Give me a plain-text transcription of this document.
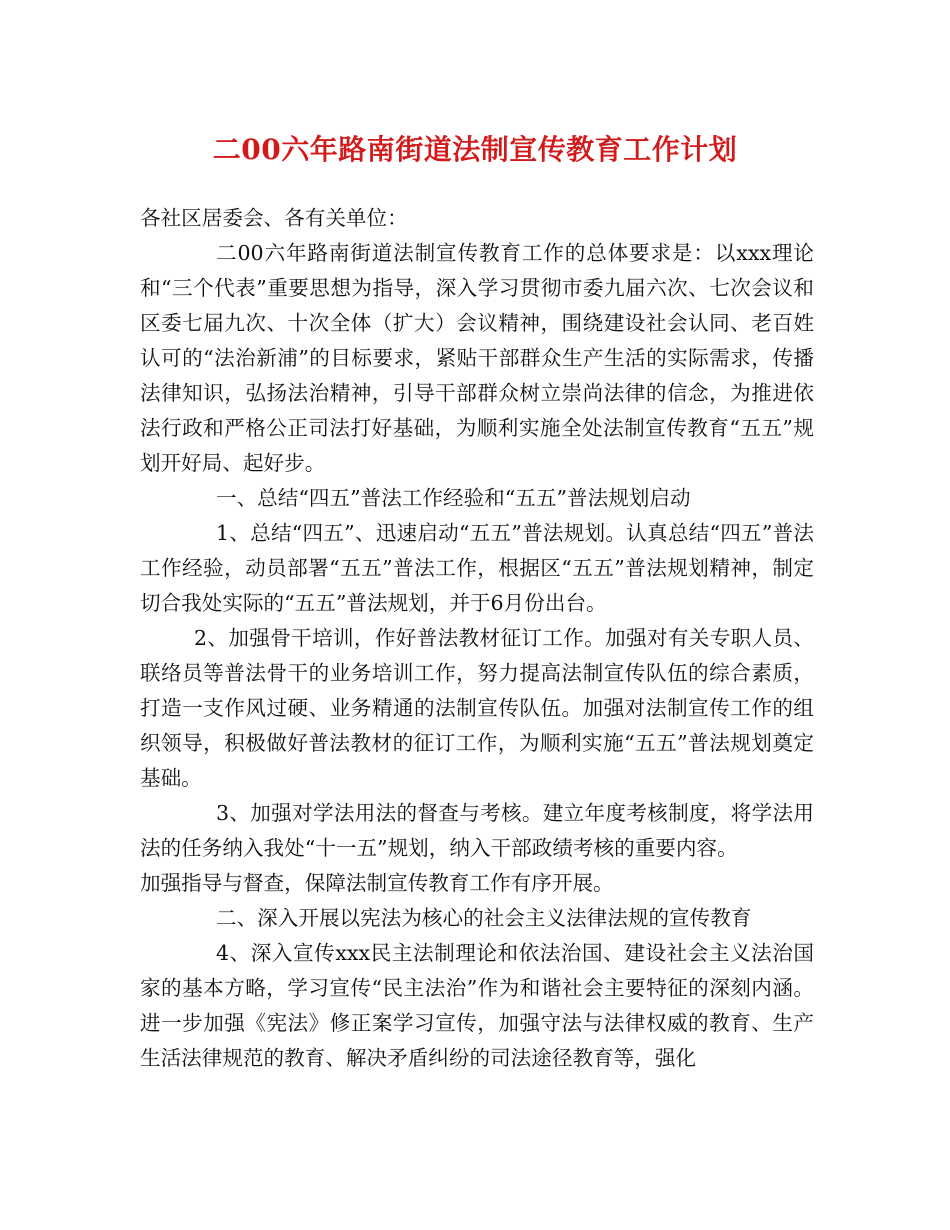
二00六年路南街道法制宣传教育工作计划

各社区居委会、各有关单位：

二00六年路南街道法制宣传教育工作的总体要求是：以xxx理论和“三个代表”重要思想为指导，深入学习贯彻市委九届六次、七次会议和区委七届九次、十次全体（扩大）会议精神，围绕建设社会认同、老百姓认可的“法治新浦”的目标要求，紧贴干部群众生产生活的实际需求，传播法律知识，弘扬法治精神，引导干部群众树立崇尚法律的信念，为推进依法行政和严格公正司法打好基础，为顺利实施全处法制宣传教育“五五”规划开好局、起好步。

一、总结“四五”普法工作经验和“五五”普法规划启动

1、总结“四五”、迅速启动“五五”普法规划。认真总结“四五”普法工作经验，动员部署“五五”普法工作，根据区“五五”普法规划精神，制定切合我处实际的“五五”普法规划，并于6月份出台。

2、加强骨干培训，作好普法教材征订工作。加强对有关专职人员、联络员等普法骨干的业务培训工作，努力提高法制宣传队伍的综合素质，打造一支作风过硬、业务精通的法制宣传队伍。加强对法制宣传工作的组织领导，积极做好普法教材的征订工作，为顺利实施“五五”普法规划奠定基础。

3、加强对学法用法的督查与考核。建立年度考核制度，将学法用法的任务纳入我处“十一五”规划，纳入干部政绩考核的重要内容。

加强指导与督查，保障法制宣传教育工作有序开展。

二、深入开展以宪法为核心的社会主义法律法规的宣传教育

4、深入宣传xxx民主法制理论和依法治国、建设社会主义法治国家的基本方略，学习宣传“民主法治”作为和谐社会主要特征的深刻内涵。进一步加强《宪法》修正案学习宣传，加强守法与法律权威的教育、生产生活法律规范的教育、解决矛盾纠纷的司法途径教育等，强化
